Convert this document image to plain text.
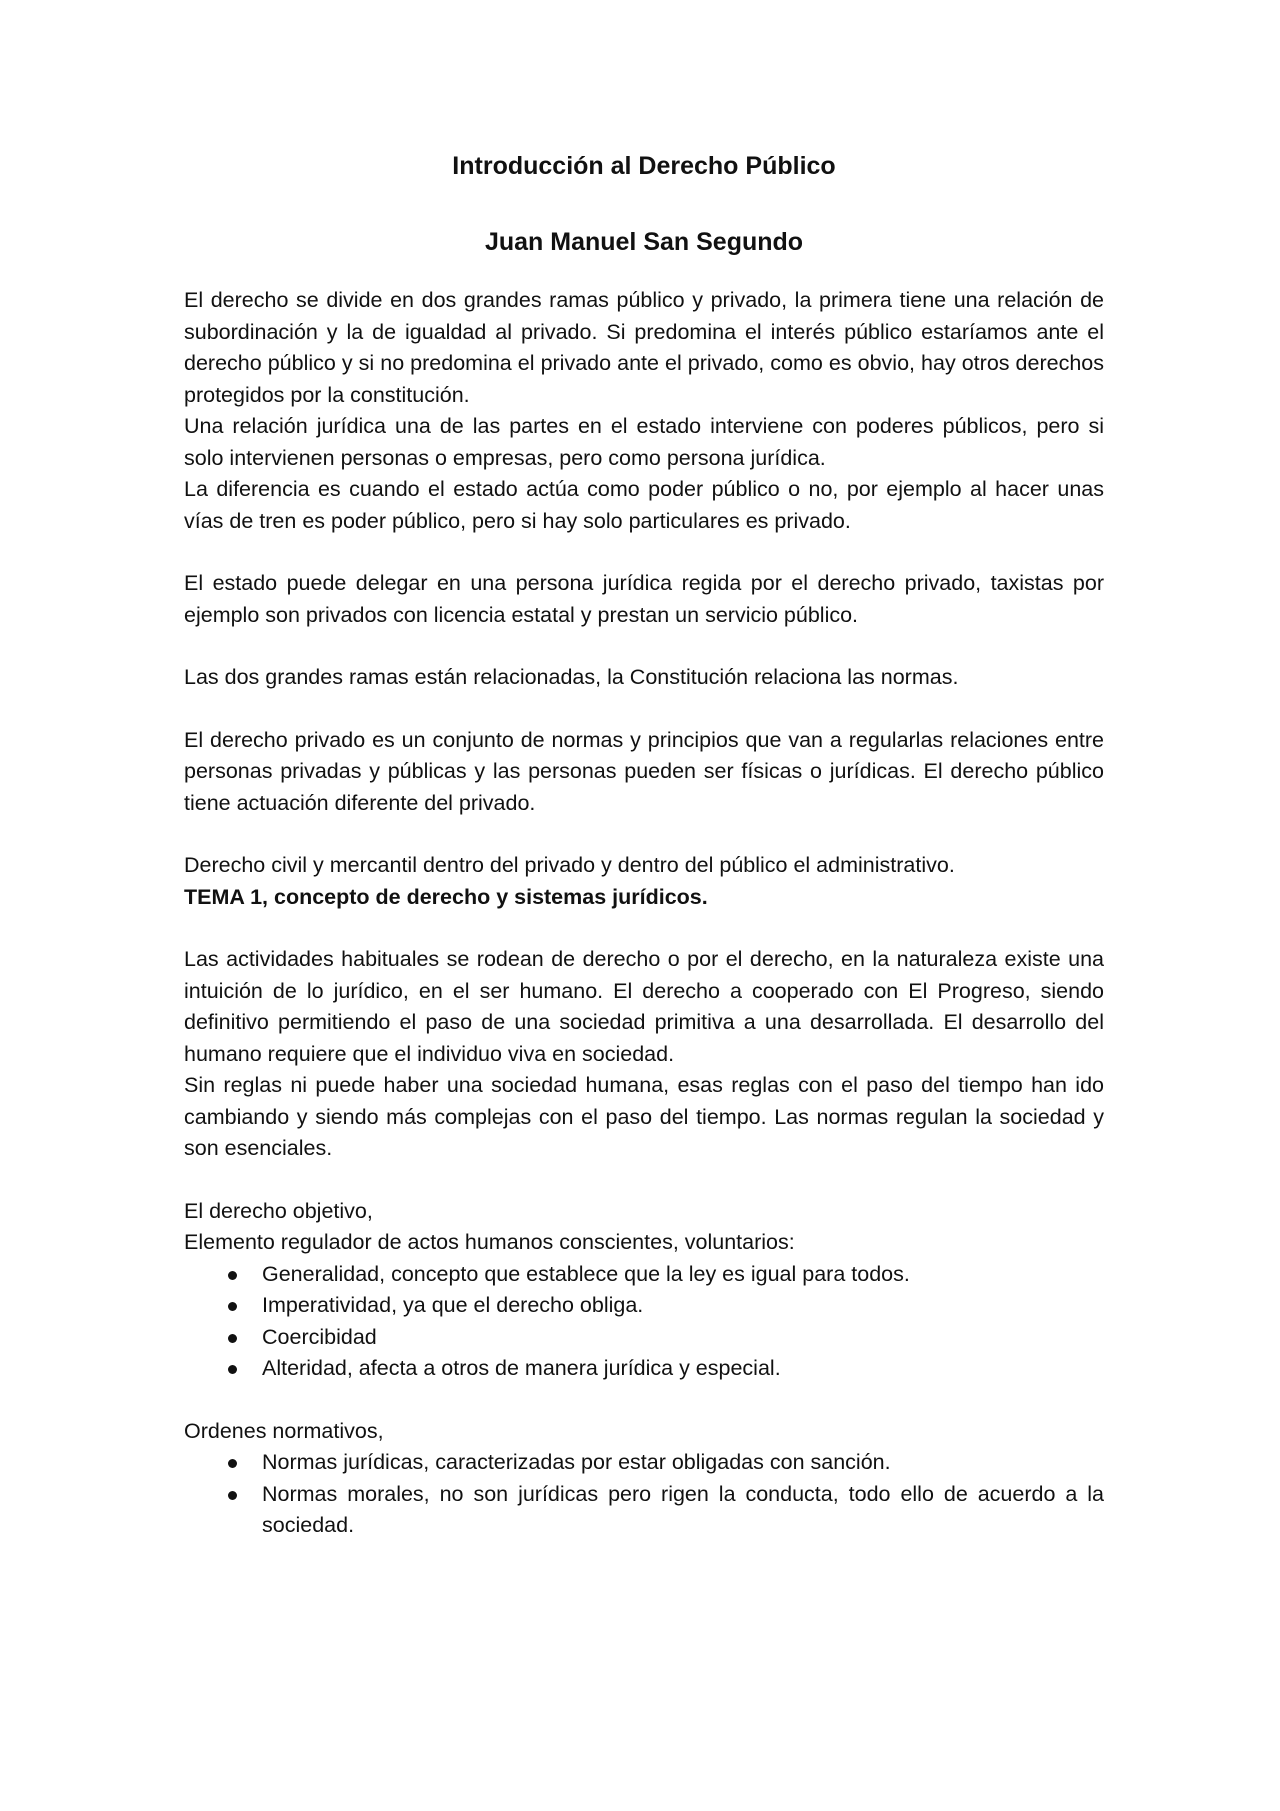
Introducción al Derecho Público

Juan Manuel San Segundo

El derecho se divide en dos grandes ramas público y privado, la primera tiene una relación de subordinación y la de igualdad al privado. Si predomina el interés público estaríamos ante el derecho público y si no predomina el privado ante el privado, como es obvio, hay otros derechos protegidos por la constitución.

Una relación jurídica una de las partes en el estado interviene con poderes públicos, pero si solo intervienen personas o empresas, pero como persona jurídica.

La diferencia es cuando el estado actúa como poder público o no, por ejemplo al hacer unas vías de tren es poder público, pero si hay solo particulares es privado.

El estado puede delegar en una persona jurídica regida por el derecho privado, taxistas por ejemplo son privados con licencia estatal y prestan un servicio público.

Las dos grandes ramas están relacionadas, la Constitución relaciona las normas.

El derecho privado es un conjunto de normas y principios que van a regularlas relaciones entre personas privadas y públicas y las personas pueden ser físicas o jurídicas. El derecho público tiene actuación diferente del privado.

Derecho civil y mercantil dentro del privado y dentro del público el administrativo.

TEMA 1, concepto de derecho y sistemas jurídicos.

Las actividades habituales se rodean de derecho o por el derecho, en la naturaleza existe una intuición de lo jurídico, en el ser humano. El derecho a cooperado con El Progreso, siendo definitivo permitiendo el paso de una sociedad primitiva a una desarrollada. El desarrollo del humano requiere que el individuo viva en sociedad.

Sin reglas ni puede haber una sociedad humana, esas reglas con el paso del tiempo han ido cambiando y siendo más complejas con el paso del tiempo. Las normas regulan la sociedad y son esenciales.

El derecho objetivo,

Elemento regulador de actos humanos conscientes, voluntarios:

Generalidad, concepto que establece que la ley es igual para todos.
Imperatividad, ya que el derecho obliga.
Coercibidad
Alteridad, afecta a otros de manera jurídica y especial.

Ordenes normativos,

Normas jurídicas, caracterizadas por estar obligadas con sanción.
Normas morales, no son jurídicas pero rigen la conducta, todo ello de acuerdo a la sociedad.
